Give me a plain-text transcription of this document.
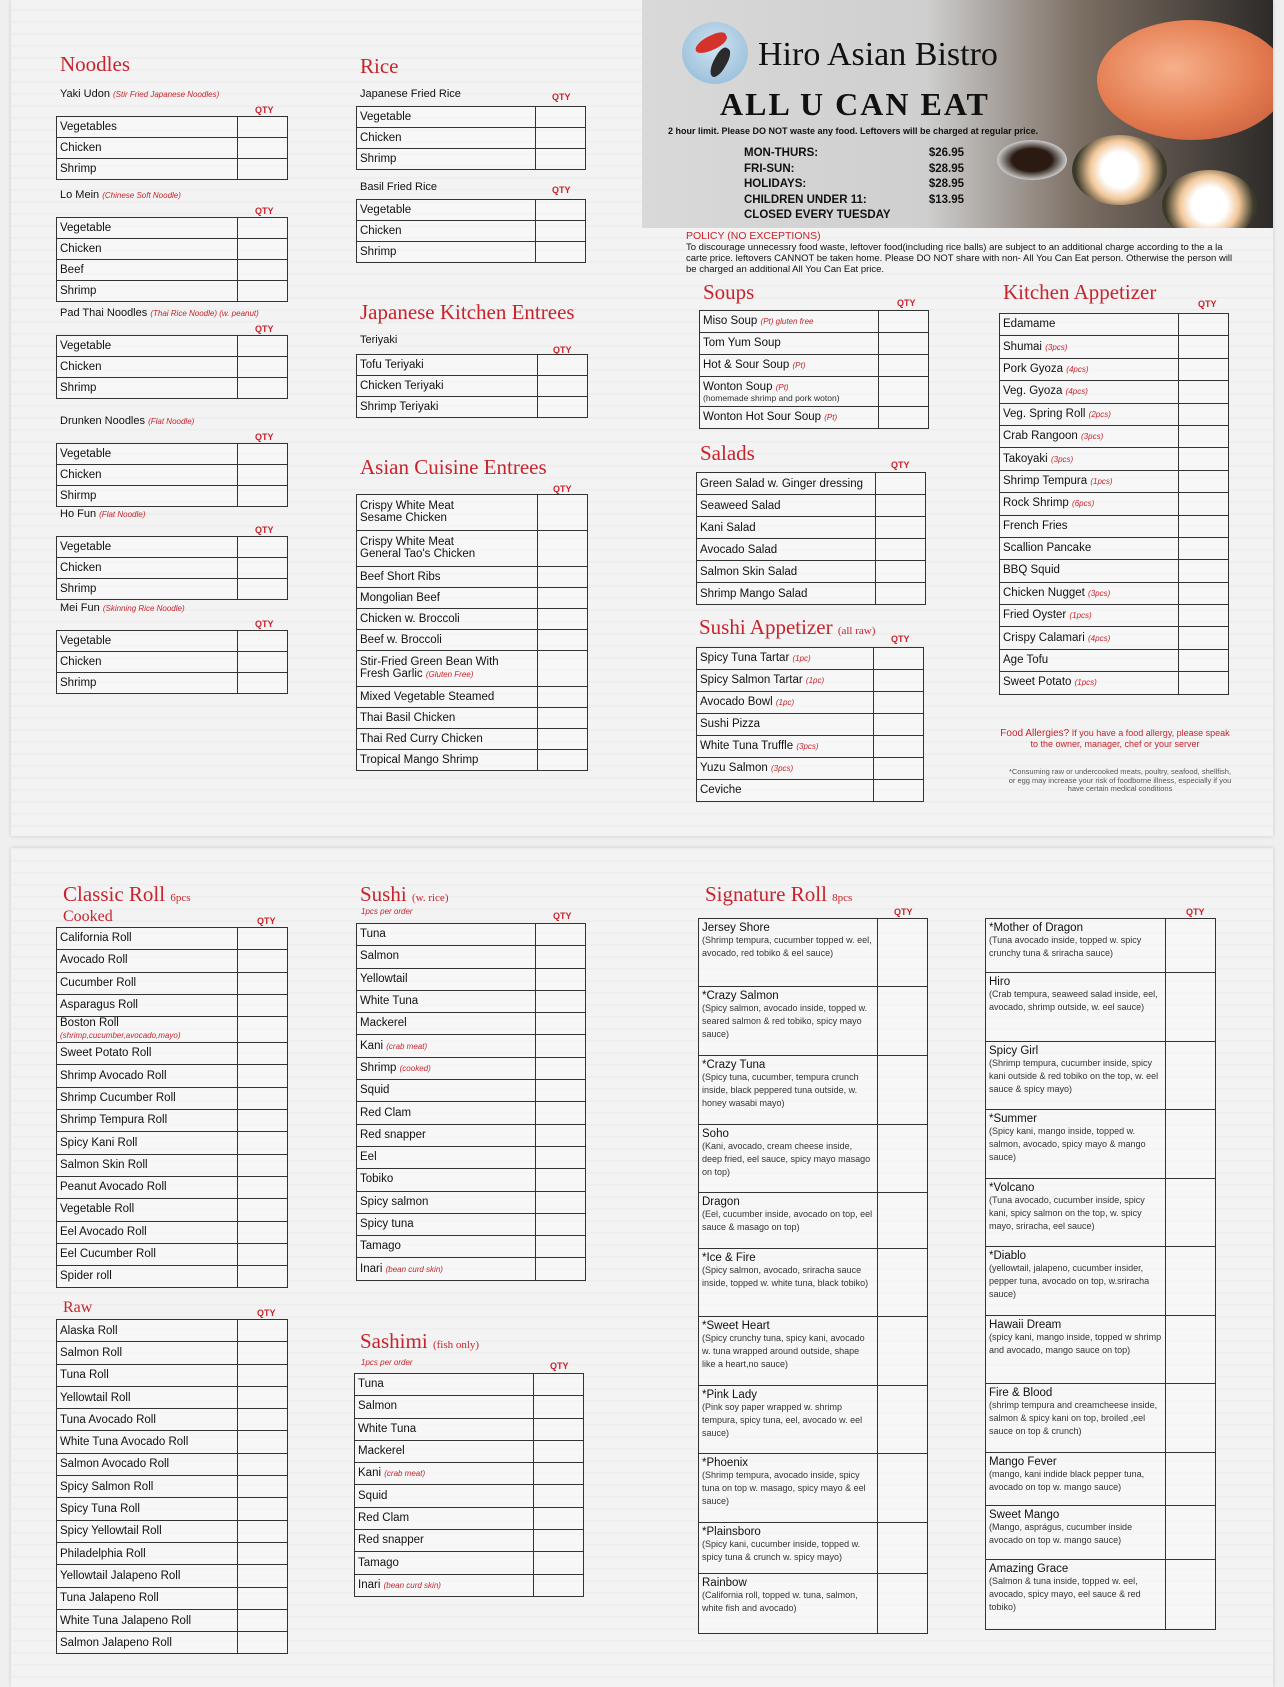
Noodles
Yaki Udon (Stir Fried Japanese Noodles)
QTY
Vegetables	
Chicken	
Shrimp	
Lo Mein (Chinese Soft Noodle)
QTY
Vegetable	
Chicken	
Beef	
Shrimp	
Pad Thai Noodles (Thai Rice Noodle) (w. peanut)
QTY
Vegetable	
Chicken	
Shrimp	
Drunken Noodles (Flat Noodle)
QTY
Vegetable	
Chicken	
Shirmp	
Ho Fun (Flat Noodle)
QTY
Vegetable	
Chicken	
Shrimp	
Mei Fun (Skinning Rice Noodle)
QTY
Vegetable	
Chicken	
Shrimp	
Rice
Japanese Fried Rice	QTY
Vegetable	
Chicken	
Shrimp	
Basil Fried Rice	QTY
Vegetable	
Chicken	
Shrimp	
Japanese Kitchen Entrees
Teriyaki
QTY
Tofu Teriyaki	
Chicken Teriyaki	
Shrimp Teriyaki	
Asian Cuisine Entrees
QTY
Crispy White Meat
Sesame Chicken	
Crispy White Meat
General Tao's Chicken	
Beef Short Ribs	
Mongolian Beef	
Chicken w. Broccoli	
Beef w. Broccoli	
Stir-Fried Green Bean With
Fresh Garlic (Gluten Free)	
Mixed Vegetable Steamed	
Thai Basil Chicken	
Thai Red Curry Chicken	
Tropical Mango Shrimp	
Hiro Asian Bistro
ALL U CAN EAT
2 hour limit. Please DO NOT waste any food. Leftovers will be charged at regular price.
MON-THURS:	$26.95
FRI-SUN:	$28.95
HOLIDAYS:	$28.95
CHILDREN UNDER 11:	$13.95
CLOSED EVERY TUESDAY
POLICY (NO EXCEPTIONS)
To discourage unnecessry food waste, leftover food(including rice balls) are subject to an additional charge according to the a la carte price. leftovers CANNOT be taken home. Please DO NOT share with non- All You Can Eat person. Otherwise the person will be charged an additional All You Can Eat price.
Soups	QTY
Miso Soup (Pt) gluten free	
Tom Yum Soup	
Hot & Sour Soup (Pt)	
Wonton Soup (Pt)
(homemade shrimp and pork woton)	

Wonton Hot Sour Soup (Pt)	
Salads	QTY
Green Salad w. Ginger dressing	
Seaweed Salad	
Kani Salad	
Avocado Salad	
Salmon Skin Salad	
Shrimp Mango Salad	
Sushi Appetizer (all raw)
QTY
Spicy Tuna Tartar (1pc)	
Spicy Salmon Tartar (1pc)	
Avocado Bowl (1pc)	
Sushi Pizza	
White Tuna Truffle (3pcs)	
Yuzu Salmon (3pcs)	
Ceviche	
Kitchen Appetizer	QTY
Edamame	
Shumai (3pcs)	
Pork Gyoza (4pcs)	
Veg. Gyoza (4pcs)	
Veg. Spring Roll (2pcs)	
Crab Rangoon (3pcs)	
Takoyaki (3pcs)	
Shrimp Tempura (1pcs)	
Rock Shrimp (6pcs)	
French Fries	
Scallion Pancake	
BBQ Squid	
Chicken Nugget (3pcs)	
Fried Oyster (1pcs)	
Crispy Calamari (4pcs)	
Age Tofu	
Sweet Potato (1pcs)	
Food Allergies? If you have a food allergy, please speak to the owner, manager, chef or your server
*Consuming raw or undercooked meats, poultry, seafood, shellfish, or egg may increase your risk of foodborne illness, especially if you have certain medical conditions
Classic Roll 6pcs
Cooked	QTY
California Roll	
Avocado Roll	
Cucumber Roll	
Asparagus Roll	
Boston Roll (shrimp,cucumber,avocado,mayo)	
Sweet Potato Roll	
Shrimp Avocado Roll	
Shrimp Cucumber Roll	
Shrimp Tempura Roll	
Spicy Kani Roll	
Salmon Skin Roll	
Peanut Avocado Roll	
Vegetable Roll	
Eel Avocado Roll	
Eel Cucumber Roll	
Spider roll	
Raw	QTY
Alaska Roll	
Salmon Roll	
Tuna Roll	
Yellowtail Roll	
Tuna Avocado Roll	
White Tuna Avocado Roll	
Salmon Avocado Roll	
Spicy Salmon Roll	
Spicy Tuna Roll	
Spicy Yellowtail Roll	
Philadelphia Roll	
Yellowtail Jalapeno Roll	
Tuna Jalapeno Roll	
White Tuna Jalapeno Roll	
Salmon Jalapeno Roll	
Sushi (w. rice)
1pcs per order	QTY
Tuna	
Salmon	
Yellowtail	
White Tuna	
Mackerel	
Kani (crab meat)	
Shrimp (cooked)	
Squid	
Red Clam	
Red snapper	
Eel	
Tobiko	
Spicy salmon	
Spicy tuna	
Tamago	
Inari (bean curd skin)	
Sashimi (fish only)
1pcs per order	QTY
Tuna	
Salmon	
White Tuna	
Mackerel	
Kani (crab meat)	
Squid	
Red Clam	
Red snapper	
Tamago	
Inari (bean curd skin)	
Signature Roll 8pcs
QTY
Jersey Shore
(Shrimp tempura, cucumber topped w. eel, avocado, red tobiko & eel sauce)	

*Crazy Salmon
(Spicy salmon, avocado inside, topped w. seared salmon & red tobiko, spicy mayo sauce)	

*Crazy Tuna
(Spicy tuna, cucumber, tempura crunch inside, black peppered tuna outside, w. honey wasabi mayo)	

Soho
(Kani, avocado, cream cheese inside, deep fried, eel sauce, spicy mayo masago on top)	

Dragon
(Eel, cucumber inside, avocado on top, eel sauce & masago on top)	

*Ice & Fire
(Spicy salmon, avocado, sriracha sauce inside, topped w. white tuna, black tobiko)	

*Sweet Heart
(Spicy crunchy tuna, spicy kani, avocado w. tuna wrapped around outside, shape like a heart,no sauce)	

*Pink Lady
(Pink soy paper wrapped w. shrimp tempura, spicy tuna, eel, avocado w. eel sauce)	

*Phoenix
(Shrimp tempura, avocado inside, spicy tuna on top w. masago, spicy mayo & eel sauce)	

*Plainsboro
(Spicy kani, cucumber inside, topped w. spicy tuna & crunch w. spicy mayo)	

Rainbow
(California roll, topped w. tuna, salmon, white fish and avocado)	

QTY
*Mother of Dragon
(Tuna avocado inside, topped w. spicy crunchy tuna & sriracha sauce)	

Hiro
(Crab tempura, seaweed salad inside, eel, avocado, shrimp outside, w. eel sauce)	

Spicy Girl
(Shrimp tempura, cucumber inside, spicy kani outside & red tobiko on the top, w. eel sauce & spicy mayo)	

*Summer
(Spicy kani, mango inside, topped w. salmon, avocado, spicy mayo & mango sauce)	

*Volcano
(Tuna avocado, cucumber inside, spicy kani, spicy salmon on the top, w. spicy mayo, sriracha, eel sauce)	

*Diablo
(yellowtail, jalapeno, cucumber insider, pepper tuna, avocado on top, w.sriracha sauce)	

Hawaii Dream
(spicy kani, mango inside, topped w shrimp and avocado, mango sauce on top)	

Fire & Blood
(shrimp tempura and creamcheese inside, salmon & spicy kani on top, broiled ,eel sauce on top & crunch)	

Mango Fever
(mango, kani indide black pepper tuna, avocado on top w. mango sauce)	

Sweet Mango
(Mango, asprágus, cucumber inside avocado on top w. mango sauce)	

Amazing Grace
(Salmon & tuna inside, topped w. eel, avocado, spicy mayo, eel sauce & red tobiko)	
